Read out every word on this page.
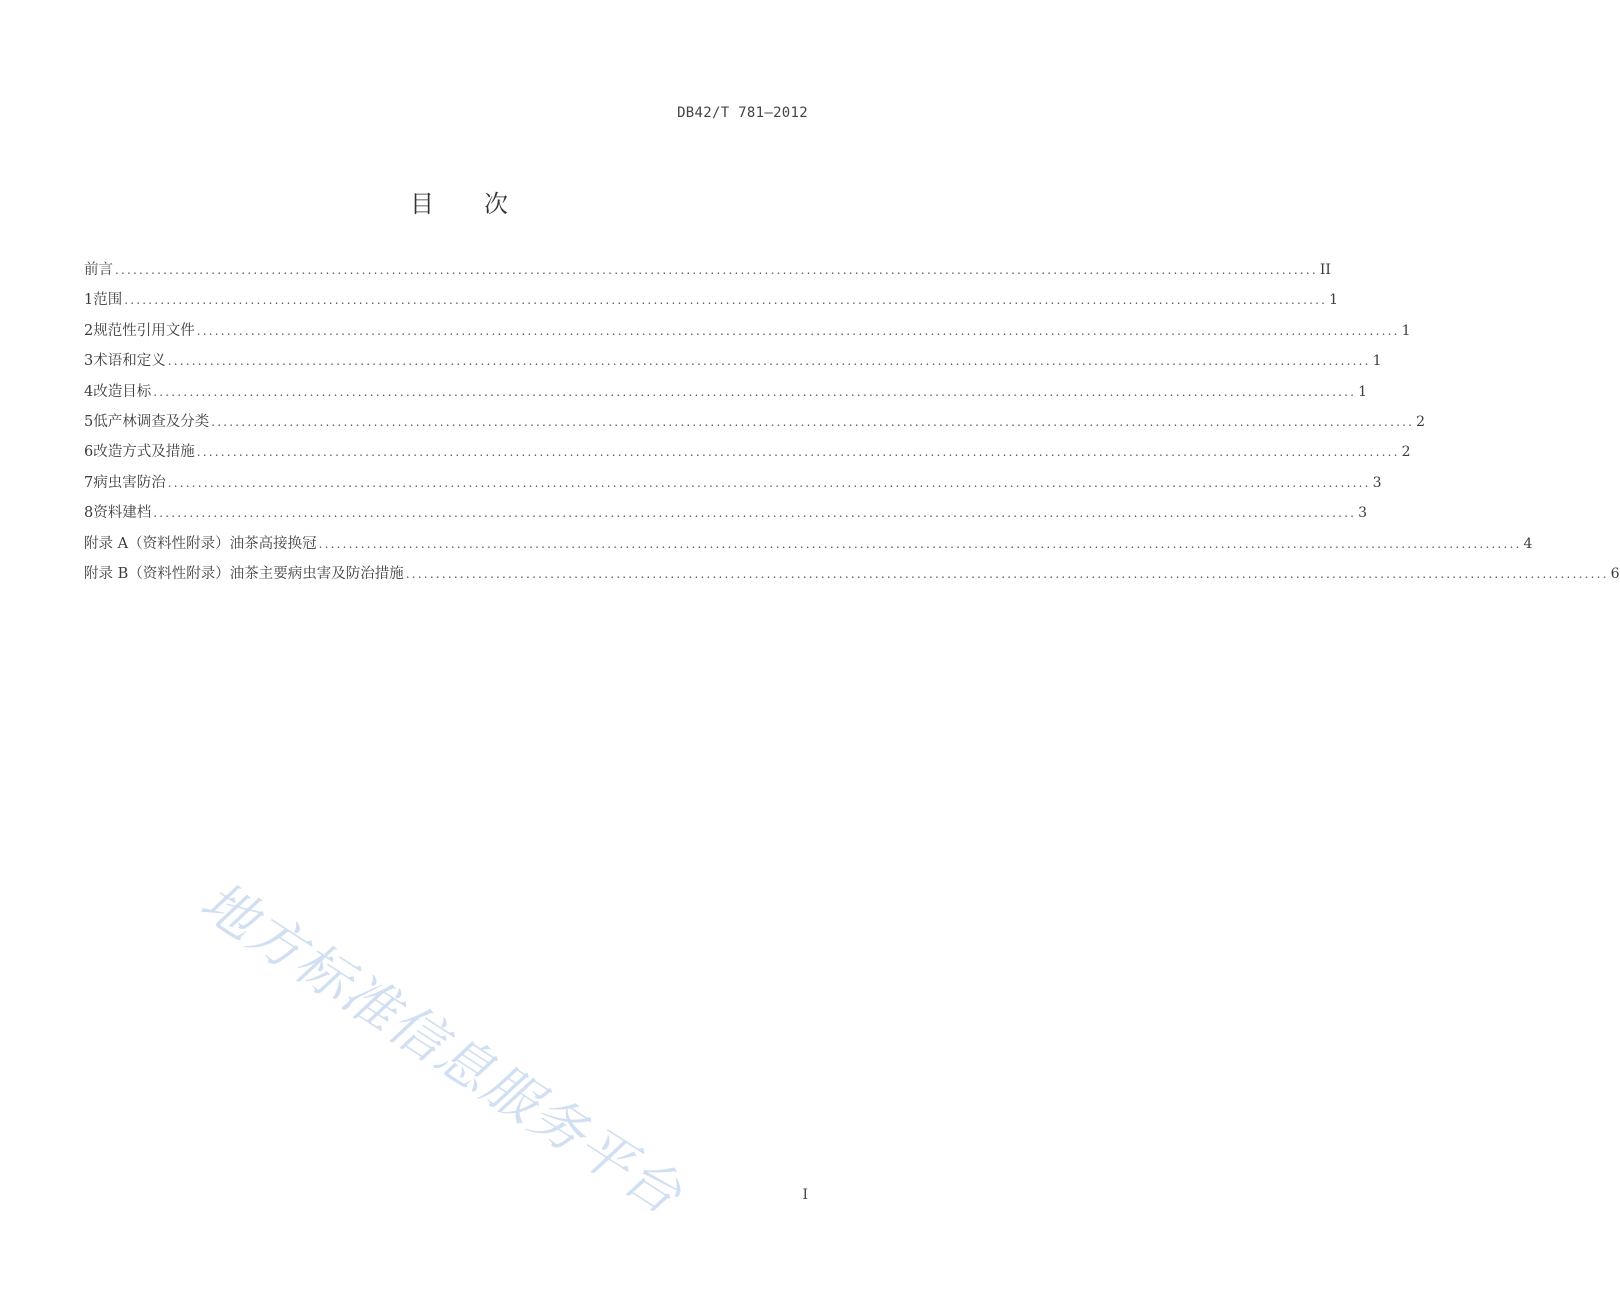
DB42/T 781—2012
目 次
前言 ........................................................................................................................................................................................................ II
1 范围 ........................................................................................................................................................................................................ 1
2 规范性引用文件 ........................................................................................................................................................................................................ 1
3 术语和定义 ........................................................................................................................................................................................................ 1
4 改造目标 ........................................................................................................................................................................................................ 1
5 低产林调查及分类 ........................................................................................................................................................................................................ 2
6 改造方式及措施 ........................................................................................................................................................................................................ 2
7 病虫害防治 ........................................................................................................................................................................................................ 3
8 资料建档 ........................................................................................................................................................................................................ 3
附录 A（资料性附录） 油茶高接换冠 ........................................................................................................................................................................................................ 4
附录 B（资料性附录） 油茶主要病虫害及防治措施 ........................................................................................................................................................................................................ 6
地方标准信息服务平台	I
